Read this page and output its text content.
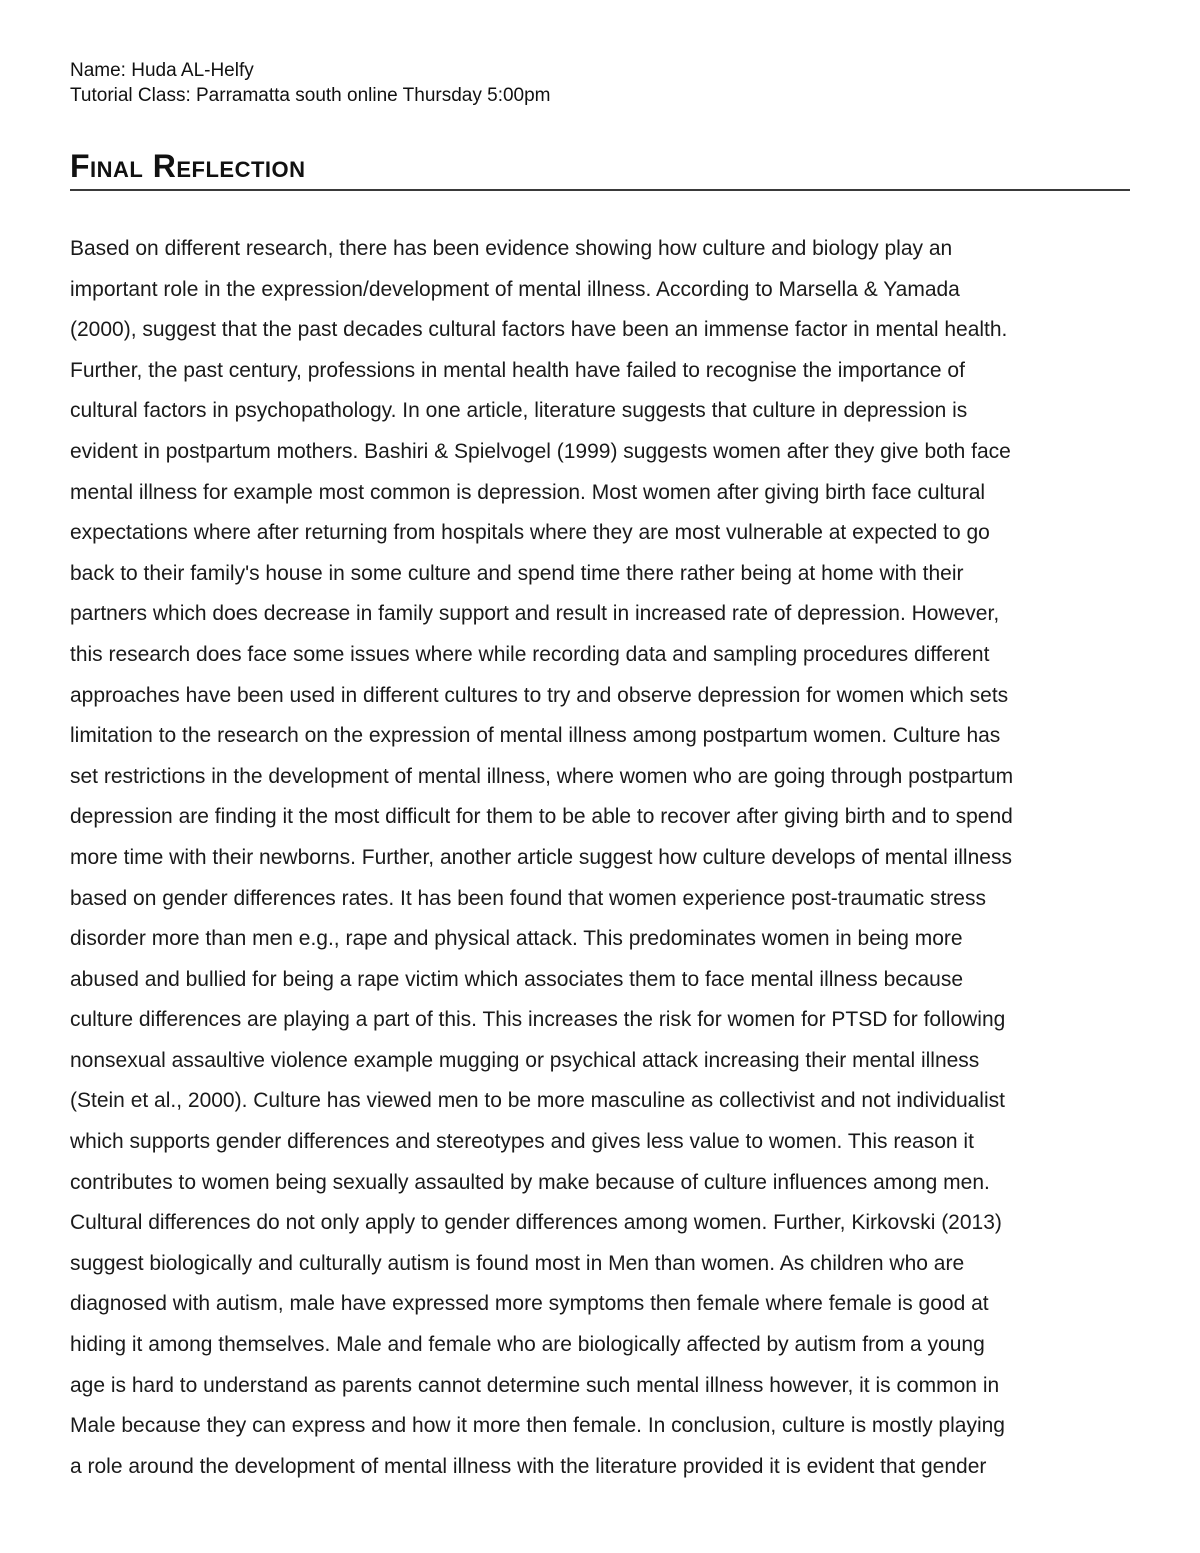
Name: Huda AL-Helfy
Tutorial Class: Parramatta south online Thursday 5:00pm
Final Reflection
Based on different research, there has been evidence showing how culture and biology play an
important role in the expression/development of mental illness. According to Marsella & Yamada
(2000), suggest that the past decades cultural factors have been an immense factor in mental health.
Further, the past century, professions in mental health have failed to recognise the importance of
cultural factors in psychopathology. In one article, literature suggests that culture in depression is
evident in postpartum mothers. Bashiri & Spielvogel (1999) suggests women after they give both face
mental illness for example most common is depression. Most women after giving birth face cultural
expectations where after returning from hospitals where they are most vulnerable at expected to go
back to their family's house in some culture and spend time there rather being at home with their
partners which does decrease in family support and result in increased rate of depression. However,
this research does face some issues where while recording data and sampling procedures different
approaches have been used in different cultures to try and observe depression for women which sets
limitation to the research on the expression of mental illness among postpartum women. Culture has
set restrictions in the development of mental illness, where women who are going through postpartum
depression are finding it the most difficult for them to be able to recover after giving birth and to spend
more time with their newborns. Further, another article suggest how culture develops of mental illness
based on gender differences rates. It has been found that women experience post-traumatic stress
disorder more than men e.g., rape and physical attack. This predominates women in being more
abused and bullied for being a rape victim which associates them to face mental illness because
culture differences are playing a part of this. This increases the risk for women for PTSD for following
nonsexual assaultive violence example mugging or psychical attack increasing their mental illness
(Stein et al., 2000). Culture has viewed men to be more masculine as collectivist and not individualist
which supports gender differences and stereotypes and gives less value to women. This reason it
contributes to women being sexually assaulted by make because of culture influences among men.
Cultural differences do not only apply to gender differences among women. Further, Kirkovski (2013)
suggest biologically and culturally autism is found most in Men than women. As children who are
diagnosed with autism, male have expressed more symptoms then female where female is good at
hiding it among themselves. Male and female who are biologically affected by autism from a young
age is hard to understand as parents cannot determine such mental illness however, it is common in
Male because they can express and how it more then female. In conclusion, culture is mostly playing
a role around the development of mental illness with the literature provided it is evident that gender
